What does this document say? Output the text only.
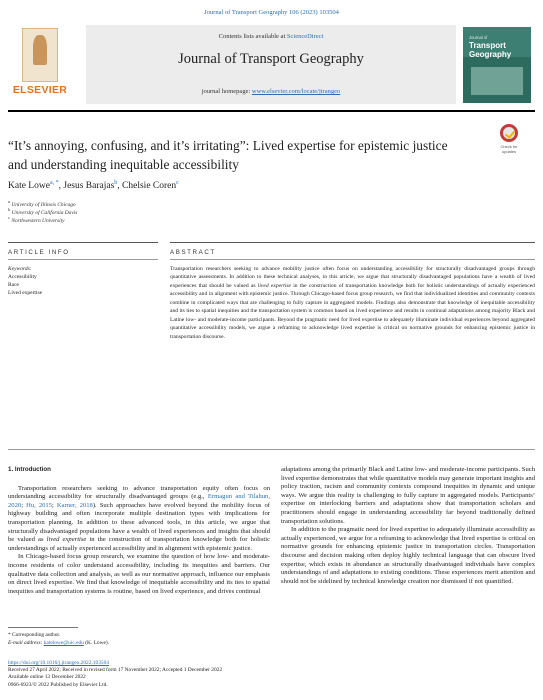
Journal of Transport Geography 106 (2023) 103504
ELSEVIER
Contents lists available at ScienceDirect
Journal of Transport Geography
journal homepage: www.elsevier.com/locate/jtrangeo
Journal of
Transport
Geography
“It’s annoying, confusing, and it’s irritating”: Lived expertise for epistemic justice and understanding inequitable accessibility
Check for
updates
Kate Lowe$^{a, *}$, Jesus Barajas$^b$, Chelsie Coren$^c$
$^a$ University of Illinois Chicago
$^b$ University of California Davis
$^c$ Northwestern University
ARTICLE INFO	ABSTRACT
Keywords:
Accessibility
Race
Lived expertise
Transportation researchers seeking to advance mobility justice often focus on understanding accessibility for structurally disadvantaged groups through quantitative assessments. In addition to these technical analyses, in this article, we argue that structurally disadvantaged populations have a wealth of lived experiences that should be valued as lived expertise in the construction of transportation knowledge both for holistic understandings of actually experienced accessibility and in alignment with epistemic justice. Through Chicago-based focus group research, we find that individualized identities and community contexts combine in complicated ways that are challenging to fully capture in aggregated models. Findings also demonstrate that knowledge of inequitable accessibility and its ties to spatial inequities and the transportation system is common based on lived experience and results in continual adaptations among majority Black and Latine low- and moderate-income participants. Beyond the pragmatic need for lived expertise to adequately illuminate individual experiences beyond aggregated quantitative accessibility models, we argue a reframing to acknowledge lived expertise is critical on normative grounds for enhancing epistemic justice in transportation discourse.
1. Introduction

Transportation researchers seeking to advance transportation equity often focus on understanding accessibility for structurally disadvantaged groups (e.g., Ermagun and Tilahun, 2020; Hu, 2015; Karner, 2018). Such approaches have evolved beyond the mobility focus of highway building and often incorporate multiple destination types with implications for transportation planning. In addition to these advanced tools, in this article, we argue that structurally disadvantaged populations have a wealth of lived experiences and insights that should be valued as lived expertise in the construction of transportation knowledge both for holistic understandings of actually experienced accessibility and in alignment with epistemic justice.

In Chicago-based focus group research, we examine the question of how low- and moderate-income residents of color understand accessibility, including its inequities and barriers. Our qualitative data collection and analysis, as well as our normative approach, influence our emphasis on direct lived expertise. We find that knowledge of inequitable accessibility and its ties to spatial inequities and transportation systems is routine, based on lived experience, and drives continual

adaptations among the primarily Black and Latine low- and moderate-income participants. Such lived expertise demonstrates that while quantitative models may generate important insights and policy traction, racism and community contexts compound inequities in dynamic and unique ways. We argue this reality is challenging to fully capture in aggregated models. Participants’ expertise on interlocking barriers and adaptations show that transportation scholars and practitioners should engage in understanding accessibility far beyond traditionally defined transportation solutions.

In addition to the pragmatic need for lived expertise to adequately illuminate accessibility as actually experienced, we argue for a reframing to acknowledge that lived expertise is critical on normative grounds for enhancing epistemic justice in transportation circles. Transportation discourse and decision making often deploy highly technical language that can obscure lived expertise, which exists in abundance as structurally disadvantaged individuals have complex understandings of and adaptations to existing conditions. These experiences merit attention and should not be sidelined by technical knowledge creation nor dismissed if not quantified.

* Corresponding author.
E-mail address: katelowe@uic.edu (K. Lowe).
https://doi.org/10.1016/j.jtrangeo.2022.103504
Received 27 April 2022; Received in revised form 17 November 2022; Accepted 1 December 2022
Available online 13 December 2022
0966-6923/© 2022 Published by Elsevier Ltd.
